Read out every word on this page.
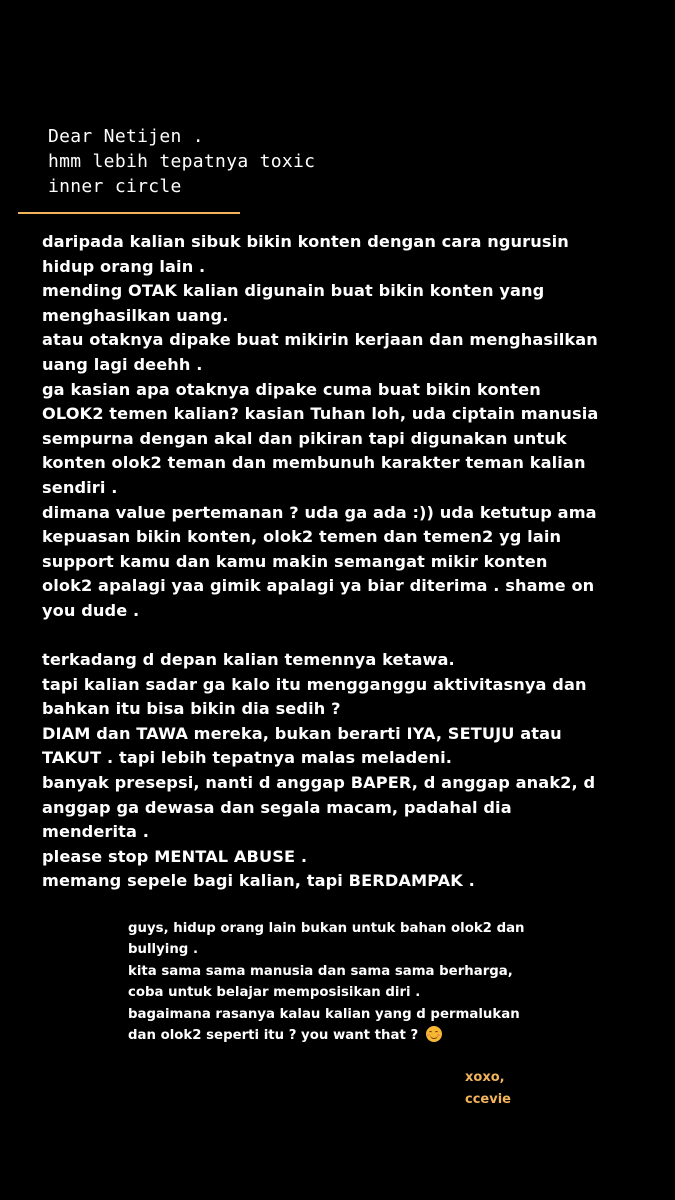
Dear Netijen .
hmm lebih tepatnya toxic
inner circle
daripada kalian sibuk bikin konten dengan cara ngurusin
hidup orang lain .
mending OTAK kalian digunain buat bikin konten yang
menghasilkan uang.
atau otaknya dipake buat mikirin kerjaan dan menghasilkan
uang lagi deehh .
ga kasian apa otaknya dipake cuma buat bikin konten
OLOK2 temen kalian? kasian Tuhan loh, uda ciptain manusia
sempurna dengan akal dan pikiran tapi digunakan untuk
konten olok2 teman dan membunuh karakter teman kalian
sendiri .
dimana value pertemanan ? uda ga ada :)) uda ketutup ama
kepuasan bikin konten, olok2 temen dan temen2 yg lain
support kamu dan kamu makin semangat mikir konten
olok2 apalagi yaa gimik apalagi ya biar diterima . shame on
you dude .
terkadang d depan kalian temennya ketawa.
tapi kalian sadar ga kalo itu mengganggu aktivitasnya dan
bahkan itu bisa bikin dia sedih ?
DIAM dan TAWA mereka, bukan berarti IYA, SETUJU atau
TAKUT . tapi lebih tepatnya malas meladeni.
banyak presepsi, nanti d anggap BAPER, d anggap anak2, d
anggap ga dewasa dan segala macam, padahal dia
menderita .
please stop MENTAL ABUSE .
memang sepele bagi kalian, tapi BERDAMPAK .
guys, hidup orang lain bukan untuk bahan olok2 dan
bullying .
kita sama sama manusia dan sama sama berharga,
coba untuk belajar memposisikan diri .
bagaimana rasanya kalau kalian yang d permalukan
dan olok2 seperti itu ? you want that ?
xoxo,
ccevie
